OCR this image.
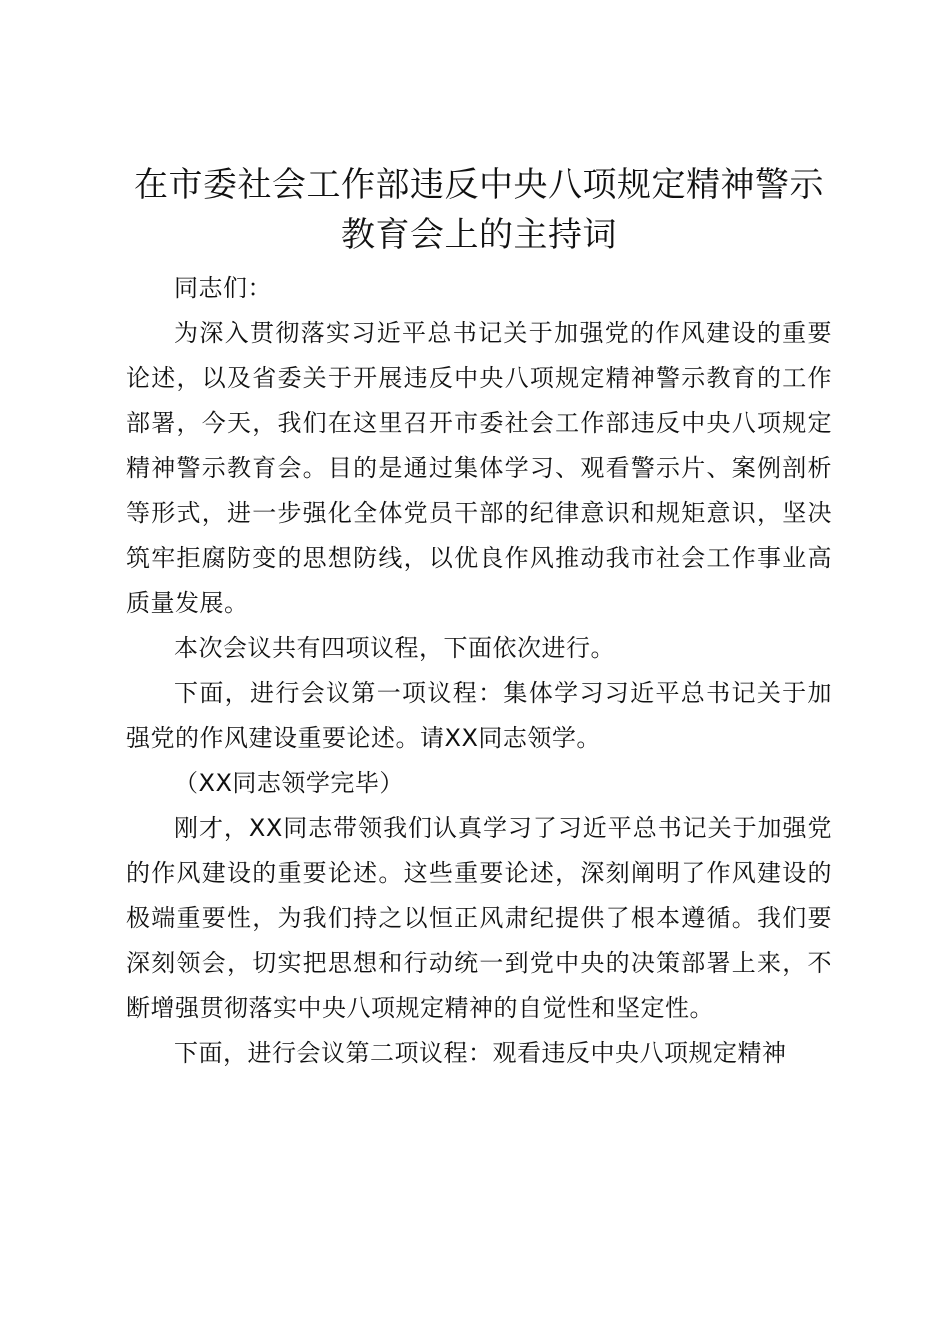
在市委社会工作部违反中央八项规定精神警示教育会上的主持词

同志们：

为深入贯彻落实习近平总书记关于加强党的作风建设的重要论述，以及省委关于开展违反中央八项规定精神警示教育的工作部署，今天，我们在这里召开市委社会工作部违反中央八项规定精神警示教育会。目的是通过集体学习、观看警示片、案例剖析等形式，进一步强化全体党员干部的纪律意识和规矩意识，坚决筑牢拒腐防变的思想防线，以优良作风推动我市社会工作事业高质量发展。

本次会议共有四项议程，下面依次进行。

下面，进行会议第一项议程：集体学习习近平总书记关于加强党的作风建设重要论述。请XX同志领学。

（XX同志领学完毕）

刚才，XX同志带领我们认真学习了习近平总书记关于加强党的作风建设的重要论述。这些重要论述，深刻阐明了作风建设的极端重要性，为我们持之以恒正风肃纪提供了根本遵循。我们要深刻领会，切实把思想和行动统一到党中央的决策部署上来，不断增强贯彻落实中央八项规定精神的自觉性和坚定性。

下面，进行会议第二项议程：观看违反中央八项规定精神
